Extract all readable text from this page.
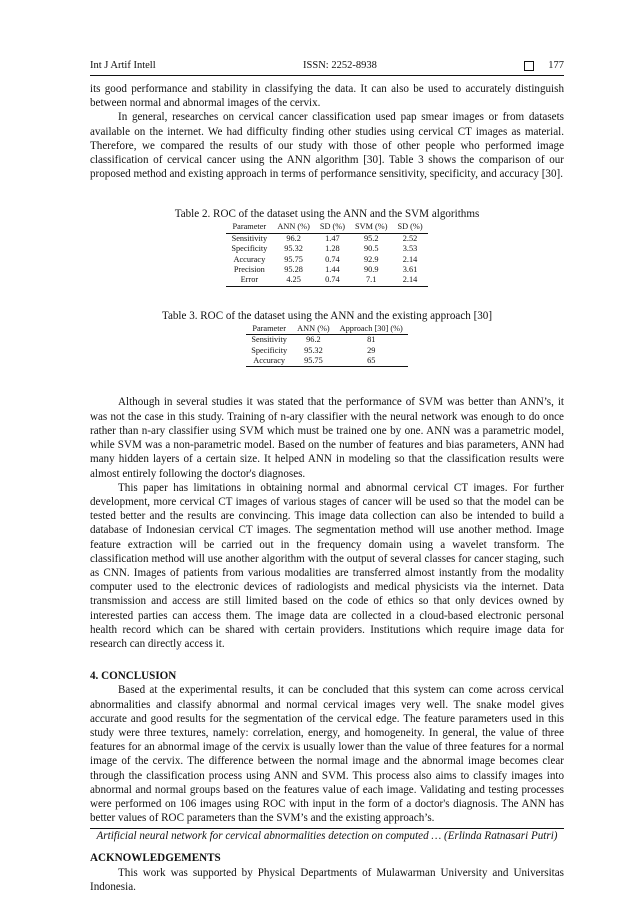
Int J Artif Intell	ISSN: 2252-8938	177

its good performance and stability in classifying the data. It can also be used to accurately distinguish between normal and abnormal images of the cervix.

In general, researches on cervical cancer classification used pap smear images or from datasets available on the internet. We had difficulty finding other studies using cervical CT images as material. Therefore, we compared the results of our study with those of other people who performed image classification of cervical cancer using the ANN algorithm [30]. Table 3 shows the comparison of our proposed method and existing approach in terms of performance sensitivity, specificity, and accuracy [30].

Table 2. ROC of the dataset using the ANN and the SVM algorithms
Parameter	ANN (%)	SD (%)	SVM (%)	SD (%)
Sensitivity	96.2	1.47	95.2	2.52
Specificity	95.32	1.28	90.5	3.53
Accuracy	95.75	0.74	92.9	2.14
Precision	95.28	1.44	90.9	3.61
Error	4.25	0.74	7.1	2.14
Table 3. ROC of the dataset using the ANN and the existing approach [30]
Parameter	ANN (%)	Approach [30] (%)
Sensitivity	96.2	81
Specificity	95.32	29
Accuracy	95.75	65

Although in several studies it was stated that the performance of SVM was better than ANN’s, it was not the case in this study. Training of n-ary classifier with the neural network was enough to do once rather than n-ary classifier using SVM which must be trained one by one. ANN was a parametric model, while SVM was a non-parametric model. Based on the number of features and bias parameters, ANN had many hidden layers of a certain size. It helped ANN in modeling so that the classification results were almost entirely following the doctor's diagnoses.

This paper has limitations in obtaining normal and abnormal cervical CT images. For further development, more cervical CT images of various stages of cancer will be used so that the model can be tested better and the results are convincing. This image data collection can also be intended to build a database of Indonesian cervical CT images. The segmentation method will use another method. Image feature extraction will be carried out in the frequency domain using a wavelet transform. The classification method will use another algorithm with the output of several classes for cancer staging, such as CNN. Images of patients from various modalities are transferred almost instantly from the modality computer used to the electronic devices of radiologists and medical physicists via the internet. Data transmission and access are still limited based on the code of ethics so that only devices owned by interested parties can access them. The image data are collected in a cloud-based electronic personal health record which can be shared with certain providers. Institutions which require image data for research can directly access it.

4. CONCLUSION

Based at the experimental results, it can be concluded that this system can come across cervical abnormalities and classify abnormal and normal cervical images very well. The snake model gives accurate and good results for the segmentation of the cervical edge. The feature parameters used in this study were three textures, namely: correlation, energy, and homogeneity. In general, the value of three features for an abnormal image of the cervix is usually lower than the value of three features for a normal image of the cervix. The difference between the normal image and the abnormal image becomes clear through the classification process using ANN and SVM. This process also aims to classify images into abnormal and normal groups based on the features value of each image. Validating and testing processes were performed on 106 images using ROC with input in the form of a doctor's diagnosis. The ANN has better values of ROC parameters than the SVM’s and the existing approach’s.

ACKNOWLEDGEMENTS

This work was supported by Physical Departments of Mulawarman University and Universitas Indonesia.

Artificial neural network for cervical abnormalities detection on computed … (Erlinda Ratnasari Putri)
